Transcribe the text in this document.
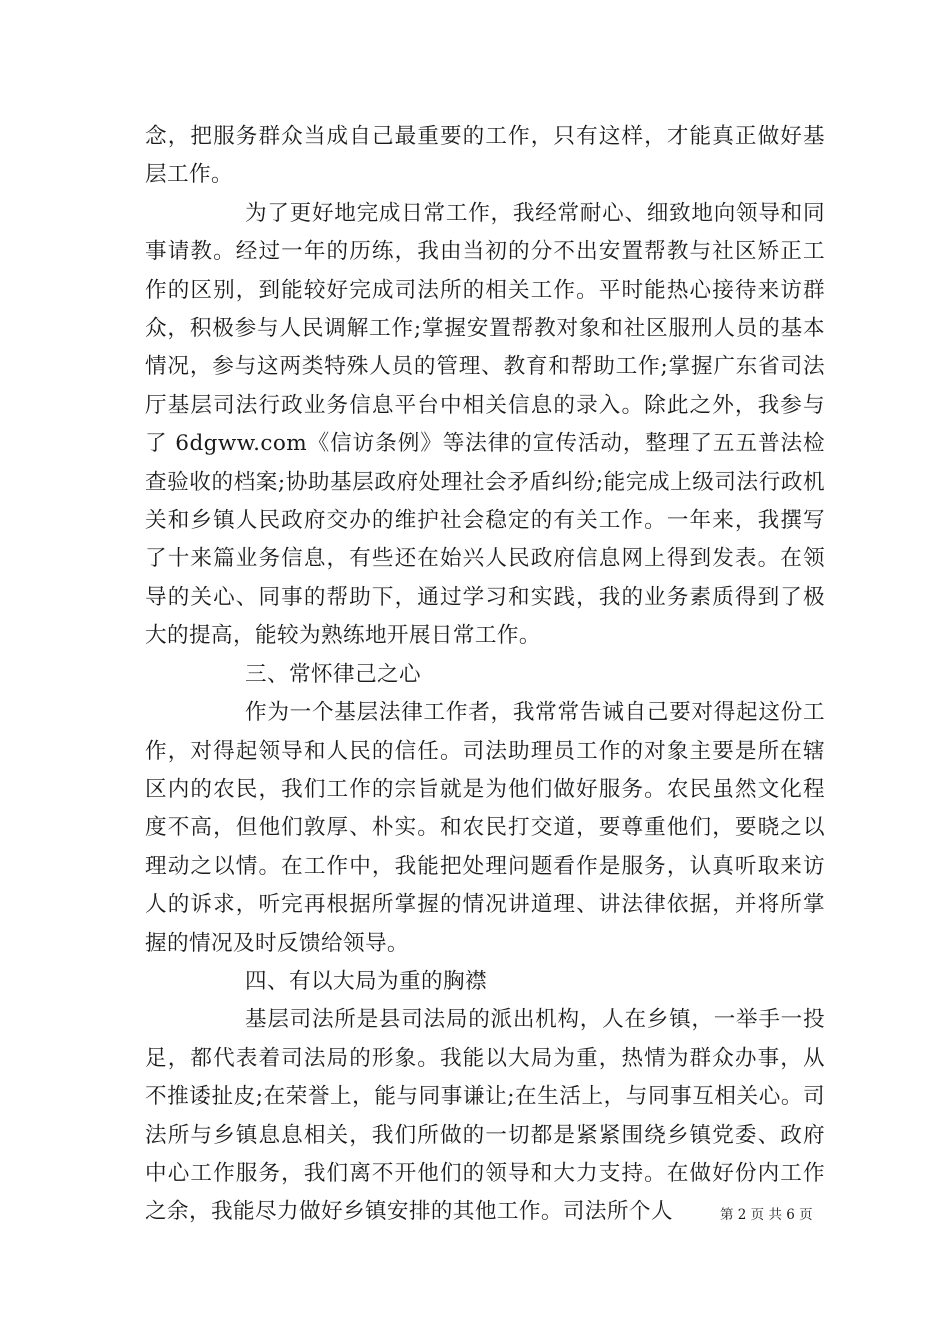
念，把服务群众当成自己最重要的工作，只有这样，才能真正做好基层工作。

为了更好地完成日常工作，我经常耐心、细致地向领导和同事请教。经过一年的历练，我由当初的分不出安置帮教与社区矫正工作的区别，到能较好完成司法所的相关工作。平时能热心接待来访群众，积极参与人民调解工作;掌握安置帮教对象和社区服刑人员的基本情况，参与这两类特殊人员的管理、教育和帮助工作;掌握广东省司法厅基层司法行政业务信息平台中相关信息的录入。除此之外，我参与了 6dgww.com《信访条例》等法律的宣传活动，整理了五五普法检查验收的档案;协助基层政府处理社会矛盾纠纷;能完成上级司法行政机关和乡镇人民政府交办的维护社会稳定的有关工作。一年来，我撰写了十来篇业务信息，有些还在始兴人民政府信息网上得到发表。在领导的关心、同事的帮助下，通过学习和实践，我的业务素质得到了极大的提高，能较为熟练地开展日常工作。

三、常怀律己之心

作为一个基层法律工作者，我常常告诫自己要对得起这份工作，对得起领导和人民的信任。司法助理员工作的对象主要是所在辖区内的农民，我们工作的宗旨就是为他们做好服务。农民虽然文化程度不高，但他们敦厚、朴实。和农民打交道，要尊重他们，要晓之以理动之以情。在工作中，我能把处理问题看作是服务，认真听取来访人的诉求，听完再根据所掌握的情况讲道理、讲法律依据，并将所掌握的情况及时反馈给领导。

四、有以大局为重的胸襟

基层司法所是县司法局的派出机构，人在乡镇，一举手一投足，都代表着司法局的形象。我能以大局为重，热情为群众办事，从不推诿扯皮;在荣誉上，能与同事谦让;在生活上，与同事互相关心。司法所与乡镇息息相关，我们所做的一切都是紧紧围绕乡镇党委、政府中心工作服务，我们离不开他们的领导和大力支持。在做好份内工作之余，我能尽力做好乡镇安排的其他工作。司法所个人	第 2 页 共 6 页
